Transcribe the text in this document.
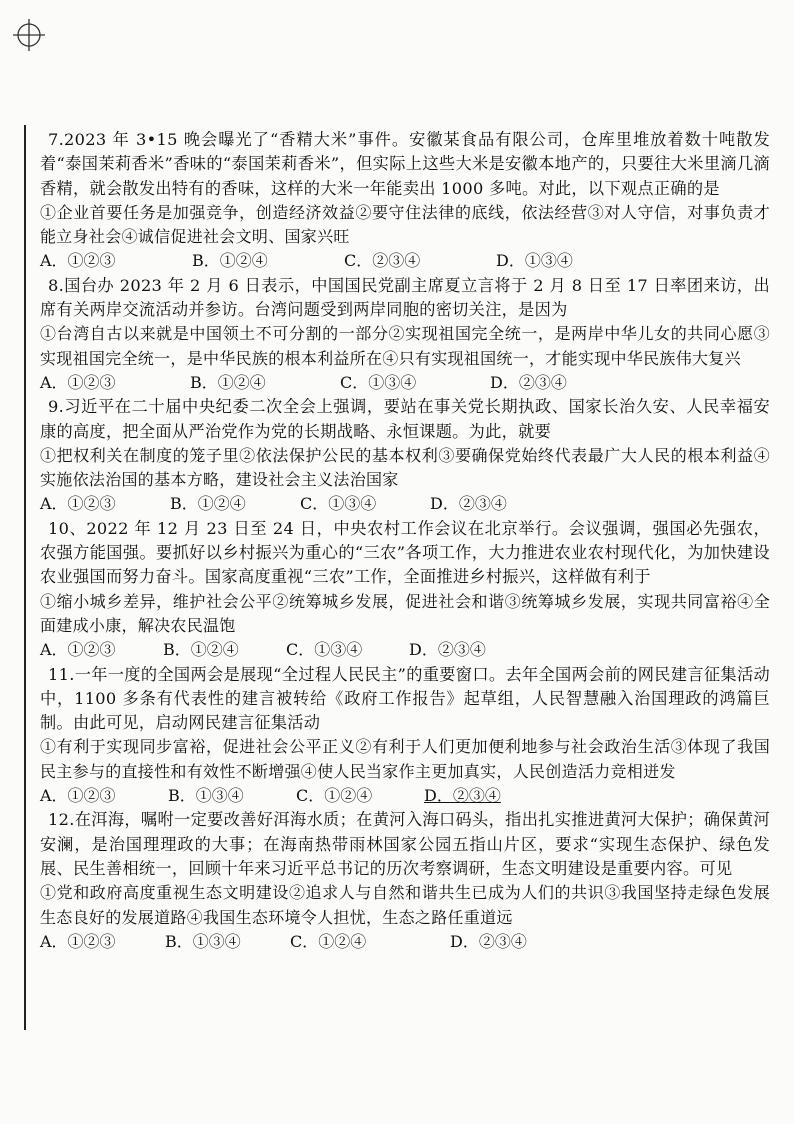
7.2023 年 3•15 晚会曝光了“香精大米”事件。安徽某食品有限公司，仓库里堆放着数十吨散发着“泰国茉莉香米”香味的“泰国茉莉香米”，但实际上这些大米是安徽本地产的，只要往大米里滴几滴香精，就会散发出特有的香味，这样的大米一年能卖出 1000 多吨。对此，以下观点正确的是

①企业首要任务是加强竞争，创造经济效益②要守住法律的底线，依法经营③对人守信，对事负责才能立身社会④诚信促进社会文明、国家兴旺

A．①②③	B．①②④	C．②③④	D．①③④

8.国台办 2023 年 2 月 6 日表示，中国国民党副主席夏立言将于 2 月 8 日至 17 日率团来访，出席有关两岸交流活动并参访。台湾问题受到两岸同胞的密切关注，是因为

①台湾自古以来就是中国领土不可分割的一部分②实现祖国完全统一，是两岸中华儿女的共同心愿③实现祖国完全统一，是中华民族的根本利益所在④只有实现祖国统一，才能实现中华民族伟大复兴

A．①②③	B．①②④	C．①③④	D．②③④

9.习近平在二十届中央纪委二次全会上强调，要站在事关党长期执政、国家长治久安、人民幸福安康的高度，把全面从严治党作为党的长期战略、永恒课题。为此，就要

①把权利关在制度的笼子里②依法保护公民的基本权利③要确保党始终代表最广大人民的根本利益④实施依法治国的基本方略，建设社会主义法治国家

A．①②③	B．①②④	C．①③④	D．②③④

10、2022 年 12 月 23 日至 24 日，中央农村工作会议在北京举行。会议强调，强国必先强农，农强方能国强。要抓好以乡村振兴为重心的“三农”各项工作，大力推进农业农村现代化，为加快建设农业强国而努力奋斗。国家高度重视“三农”工作，全面推进乡村振兴，这样做有利于

①缩小城乡差异，维护社会公平②统筹城乡发展，促进社会和谐③统筹城乡发展，实现共同富裕④全面建成小康，解决农民温饱

A．①②③	B．①②④	C．①③④	D．②③④

11.一年一度的全国两会是展现“全过程人民民主”的重要窗口。去年全国两会前的网民建言征集活动中，1100 多条有代表性的建言被转给《政府工作报告》起草组，人民智慧融入治国理政的鸿篇巨制。由此可见，启动网民建言征集活动

①有利于实现同步富裕，促进社会公平正义②有利于人们更加便利地参与社会政治生活③体现了我国民主参与的直接性和有效性不断增强④使人民当家作主更加真实，人民创造活力竞相迸发

A．①②③	B．①③④	C．①②④	D．②③④

12.在洱海，嘱咐一定要改善好洱海水质；在黄河入海口码头，指出扎实推进黄河大保护；确保黄河安澜，是治国理理政的大事；在海南热带雨林国家公园五指山片区，要求“实现生态保护、绿色发展、民生善相统一，回顾十年来习近平总书记的历次考察调研，生态文明建设是重要内容。可见

①党和政府高度重视生态文明建设②追求人与自然和谐共生已成为人们的共识③我国坚持走绿色发展生态良好的发展道路④我国生态环境令人担忧，生态之路任重道远

A．①②③	B．①③④	C．①②④	D．②③④
